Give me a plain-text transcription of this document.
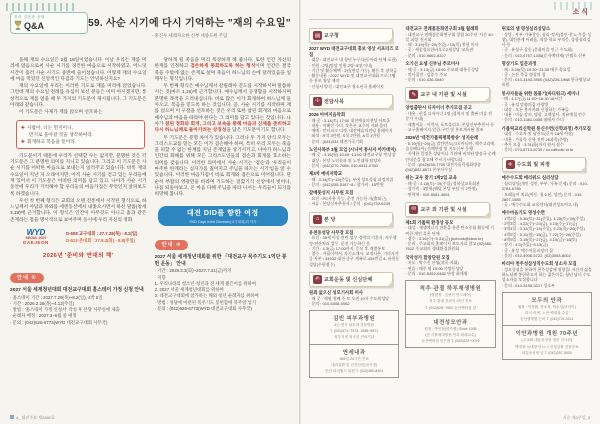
진리 질문과 응답
Q&A	59. 사순 시기에 다시 기억하는 "재의 수요일"
- 홍진우 세례자요한 신부 세종도원 주임

올해 재의 수요일은 2월 18일이었습니다. 이날 우리는 재를 머리에 얹음으로써 사순 시기를 경건한 마음으로 시작하였고, 어느덧 시간이 흘러 사순 시기도 중반에 들어섰습니다. 어떻게 재의 수요일에 마음 먹었던 신앙적인 다짐과 기도는 안녕하신지요?

재의 수요일에 우리는 이러한 기도로 재를 머리에 얹었습니다. 그런데 재의 수요일 전례를 유심히 보신 분들은 이미 아시겠지만, 통상적으로 재를 얹을 때 두 가지의 기도문이 제시됩니다. 그 기도문은 아래와 같습니다.

이 기도문은 사제가 재를 얹으며 선포하는

✚ 사람아, 너는 먼지이니,
먼지로 돌아갈 것을 생각하여라.
✚ 회개하고 복음을 믿어라.

기도문이기 때문에 우리가 선택할 수는 없지만, 분명한 것은 각 기도문은 그 분명한 의미를 지니고 있습니다. 그리고 이 기도문은 사순 시기를 어떠한 마음으로 보내는지 일러주고 있습니다. 비록 재의 수요일이 지난 지 오래이지만, 아직 사순 시기를 걷고 있는 우리들에게 있어서 이 기도문은 어떠한 의미를 담고 있고, 나아가 사순 시기 동안에 우리가 기억해야 할 우리들의 마음가짐은 무엇인지 살펴보도록 하겠습니다.

우선 첫 번째 형식은 교회의 오랜 전통에서 시작된 형식으로, 하느님께서 아담과 하와를 에덴동산에서 내쫓으시면서 하신 말씀(창세 3,19)에 근거합니다. 이 형식은 인간이 아무것도 아니고 흙과 같은 존재라는 점을 명시적으로 보여주며 동시에 우리 자신의 정화

WYD
SEOUL 2027
DAEJEON
D-608 교구대회 : 27.7.28(목) - 8.2(일)
D-513 본대회 : 27.8.3(화) - 8.8(주일)
2026년 '준비와 연대의 해'
안내 ①
2027 서울 세계청년대회 대전교구대회 홈스테이 가정 신청 안내
· 홈스테이 기간 : 2027.7.29(목)~8.2(일), 4박 5일
· 기간 : 2026.2.26(목)~4.12(주일)
· 방법 : '홈스테이 가정 신청서' 작성 후 본당 사무실에 제출
· 순례자 배정 : 2027.3~6월 중 예정
· 문의 : (042)626-6773(WYD 대전교구대회 사무국)

당하게 될 죽음을 미리 묵상하게 해 줍니다. 또한 인간 자신의 한계를 인정하고 겸손하게 통회하도록 하는 형식이며 인간은 결국 죽을 수밖에 없는 존재로 살며 죽음이 하느님의 손에 달려있음을 일깨우는 형식입니다.

두 번째 형식은 예수님께서 갈릴래아 전도를 시작하시며 말씀하시는 것(마르 1,15)에 근거합니다. 예수님께서 공생활을 시작하시며 분명한 목적을 드러내십니다. 바로 많은 이가 회개하여 하느님께 돌아오고, 복음을 믿도록 하는 것입니다. 곧, 사순 시기를 시작하며 재를 얹으며 이 구절을 선포하는 것은 우리 또한 참된 회개의 마음으로 예수님의 마음을 따라야 한다는 그 의미를 담고 있다는 것입니다. 나아가 참된 정화와 회개, 그리고 보속을 통해 마음과 신체를 준비하고 다시 하느님께로 돌아가려는 상징성을 담은 기도문이기도 합니다.

두 기도문은 분명 차이가 있습니다. 그러나 두 가지 양식 모두는 그리스도교를 믿는 모든 이가 겸손해야 하며, 특히 우리 모두는 죽음을 피할 수 없는 한계를 지닌 존재임을 상기시키고, 나아가 하느님과 인간의 화해를 위해 모든 그리스도인들의 겸손과 회개를 호소하는 의미를 갖습니다. 이러한 의미에서 사순 시기는 '겸손'과 '우리들이 마주한 한계라는 십자가를 짊어지고 주님을 따르는 시기'임을 알 수 있습니다. 이러한 마음가짐이 바로 회개와 겸손으로 이어집니다. 단순히 부활의 영광만을 바라며 기도하는 겉핥기식 신앙에서 벗어나, 나를 되돌아보고, 온 마음 다해 주님을 따라 나서는 우리들이 되기를 희망해 봅니다.

대전 DID를 향한 여정
*DID: Days in the Dioceses(교구대회)의 약자
안내 ②
2027 서울 세계청년대회를 위한 「대전교구 묵주기도 1억단 봉헌 운동」 안내
· 기간 : 2026.3.3(화)~2027.7.31(금)까지
· 지향
1. 우리나라의 청소년·청년과 전 세계 젊은이를 위하여
2. 2027 서울 세계청년대회를 위하여
3. 대전교구대회에 참가하는 해외 청년 순례자를 위하여
· 방법 : 성당에 마련된 묵주기도 봉헌함에 묵주알 넣기
· 문의 : (042)626-6773(WYD 대전교구대회 사무국)
4_ 대전주보 제2880호
소식
▤ 교구청
2027 WYD 대전교구대회 홍보 영상 서포터즈 모집
· 대상 : 대전교구 내 청년 누구나(동아리·단체 포함)
· 인원 : 2팀(팀당 인원 2명~5명 이내)
· 기간 및 활동혜택 : 1년(연장 가능), 활동 후 장학금
· 활동내용 : 2027 WYD 및 대전교구대회 프로그램 등 홍보 영상 제작
· 신청서 양식 : 대전교구 청소년국 홈페이지
☩ 전담사목
2026 아버지음악회
· 때·곳 : 3.14(토) 17:00 대전예술의전당 아트홀
· 내용 : 이해인 수녀, 작은콘 교수의 시와 음악
· 예매 : 인터파크 티켓, 대전예술의전당 홈페이지
· 좌석 : R석 3만원, S석 2만원, A석 1만원
· 문의 : (044)331 대전가곡기획
노인사목부 3월 모임 (시니어 봉사자 아카데미)
· 때·곳 : 3.16(월) 10:00~13:00 대전교구청 '만남실'
· 대상 : 본당 노인분과 및 노인대학 담당자
· 문의 : (042)270-7085, 010-6411-0780
제3차 예비자학교
· 때 : 3.14(토)~15(주일), 부여 성모성심 피정의집
· 문의 : (042)255-5187~8 / 참가비 : 15만원
갈매못성지 사무원 모집
· 요건 : PC사용 가능, 운전 가능한 자(출퇴근)
· 서류 : 본당신부추천서 / 문의 : (041)732-6249
⌂ 본 당
유천동성당 사무장 모집
· 요건 : 35세 이상 관련 업무 경력의 기혼자, 사무행정·전산처리 업무, 운전 가능하신 분
· 기간 : 4.3(금) 17:00까지, 응모 후 개별통보
· 접수 : 자필이력서, 자기소개서, 교적사본, 기타자격증 사본 / 34932 대전 중구 계족로 434번길 4, 유천동성당(우편접수)
✍ 교회운동 및 신심단체
원죄 없으신 성모기사회 미사
· 때·곳 : 매월 첫째 주 토 오전 10시 수도원성당
· 문의 : 010-6408-0062
김빈 피부과병원
4년 연속 피부과 전문병원
T. (042)471~7578, 1588~5871
정부지정 외국인 진료기관
연세내과
365일 24시간 진료
내과질환 및 건강검진(내시경)
둔산 타임월드 뒤편 T. (042)485-8001
대전교구 전례꽃문화연구회 3월 월례회
· 대전교구 전례꽃문화연구회 창립 20주년 '사순 40일 피정' 전시회
· 때 : 3.19(목)~29(주일) / 19(목) 봉헌 미사
· 곳 : 세종성요한바오로2세성당 '교육관'
· 문의 : 010-9862-8327
오기선 요셉 신부님 추모미사
· 때·곳 : 3.13(금) 15:00 주교좌 대흥동성당
· 미사집전 : 김종수 주교
· 문의 : 010-436-0840
✎ 교구 내 기관 및 시설
양업출판사 디자이너 추가모집 공고
· 내용 : 편집 디자이너 1명 (경력자 및 출판 미술 전문가 우대)
· 제출서류 : 이력서, 포트폴리오, 본당신부추천서 등
· 교구홈페이지-알림-구인 및 홍보게시판 참조
2026년 '대전가톨릭평화방송' 성지순례
· 5.19(월)~29(금) 발칸반도(크로아티아, 메주고리예, 슬로베니아) 순례단장 및 지도신부 동행
· 자세한 일정은 성당이나 기관에 비치된 방송국 순례 안내문을 참고해 주시기 바랍니다
· 문의 : (042)635-7700 대전가톨릭평화방송 (042)802-8571 본부사무실
쉬는 교우 찾기 1박2일 교육
· 때·곳 : 4.18(토)~19(주일) 정하상교육회관
· 참가비 : 3만원(해당 본당 부담 시 2만원)
· 연락처 : 010-9081-3661
✉ 교구 외 기관 및 시설
제1회 가톨릭 환경상 공모
· 대상 : 재생에너지 전환을 통한 탄소중립 활동에 기여한 개인 혹은 단체
· 접수 : 3.16(수)~5.31(금) (kcbook@cbck.kr)
· 문의 : 주교회의 홈페이지 보도자료 참고 (02)460-7622 주교회의 생태환경위원회
국악성가 합창단원 모집
· 지도 : 박수진 선생(작곡·지휘)
· 연습 : 매주 월 19:00 가양동성당
· 문의 : 010-5452-0482 단장 최세영
척추·관절 하루재생병원
(병원장 : 김헌식 안드레아)
척추·관절 전문의 13인 진료
T. (042)628~7600 둔산백화점 앞
대전성모안과
원장 : 박인철(미카엘) Since 1998
(전 가톨릭대병원 안과 외래교수)
둔산백화점 맞은편 T. (042)533~0076
위로의 샘 영성심리상담소
· 상담 : 부부·가족갈등, 심리·정서(불안·분노·우울·성장), 대인관계 어려움, 직장·학교 부적응, 종합심리검사 등
· 곳 : 유성구 갑동 (문화마을 인근 수도회)
· 문의 : 010-4757-1335(문자예약제) 안젤로 신부
명상기도 입문과정
· 때 : 3.26(목) 19:30~21:30 매주 목요일
· 곳 : 논산 쑥골 명상의 집
· 문의 : 010-3193-3900 (042)226-1968 한국명상교육원
봉사자들을 위한 몸풀기(바디워크) 세미나
· 때 : 4.17(금) 11:00~16:30 16시간
· 곳 : 유성 말씀의집 사랑방
· 대상 : 모든 봉사자와 신청하는 가족들
· 내용 : 미술 강의, 명상, 고백성사, 치유예절 안수
· 문의 : 010-1381-0355 데레사 수녀
가톨릭교리신학원 통신수련(신학과정) 추가모집
· 대상 : 수료자 및 평신도(신자 18세 이상)
· 내용 : 가톨릭 신학 전반 26과목(주말)
· 추가 모집 : 3.31(화)까지 원서 접수
· 문의 : 070-8713-8739 / cu.catholic.or.kr
✛ 수도회 및 피정
예수수도회 매리워드 심리상담
· 심리상담(개인·성인, 부부, 가족 문제) 문의 : 010-3784-6785
· 모래놀이 치료(아동, 청소년, 성인) 문의 : 010-2807-1585
· 곳 : 예수수도회 교육센터(대전성모여고 내)
예수마음기도 영성수련
· 1박2일 : 5.30(토)~31(주일), 4.25(토)~26(주일)
· 2박3일 : 4.22(수)~24(금), 4.15(수)~17(금)
· 3박4일 : 3.12(목)~15(주일), 4.23(목)~26(주일)
· 4박5일 : 5.11(월)~15(금), 7.22(수)~26(주일)
· 8박9일 : 3.19(목)~27(금), 4.10(금)~18(토)
· 장기 : 4.5(주일)~5.15(금)
· 곳 : 유성 '예수마음피정의 집'
· 문의 : 010-4906-5722, (02)3053-8002
마리아 천주성삼성직수도회 성소자 모집
· 성모성심을 통하여 천주성삼께 영광을! 자신의 삶을 하느님께 봉헌하고자 하는 젊은이들, 청년 남녀 수도 성소자를 모집합니다
· 문의 : 010-3195-3217 성소부
모두의 안과
원장 : 이정환, 전소정, 박수경(마리아)
라식·라섹, 노안·백내장 수술
둔산샘병원 근처 T. (042)721-0211
이안과병원 개원 70주년
(주교좌 대흥동성당 정문 건너편)
백내장·녹내장·당뇨·노인성질환 전문진료
대흥동성당 앞 T. (042)257-5500
사순 제3주일_5
